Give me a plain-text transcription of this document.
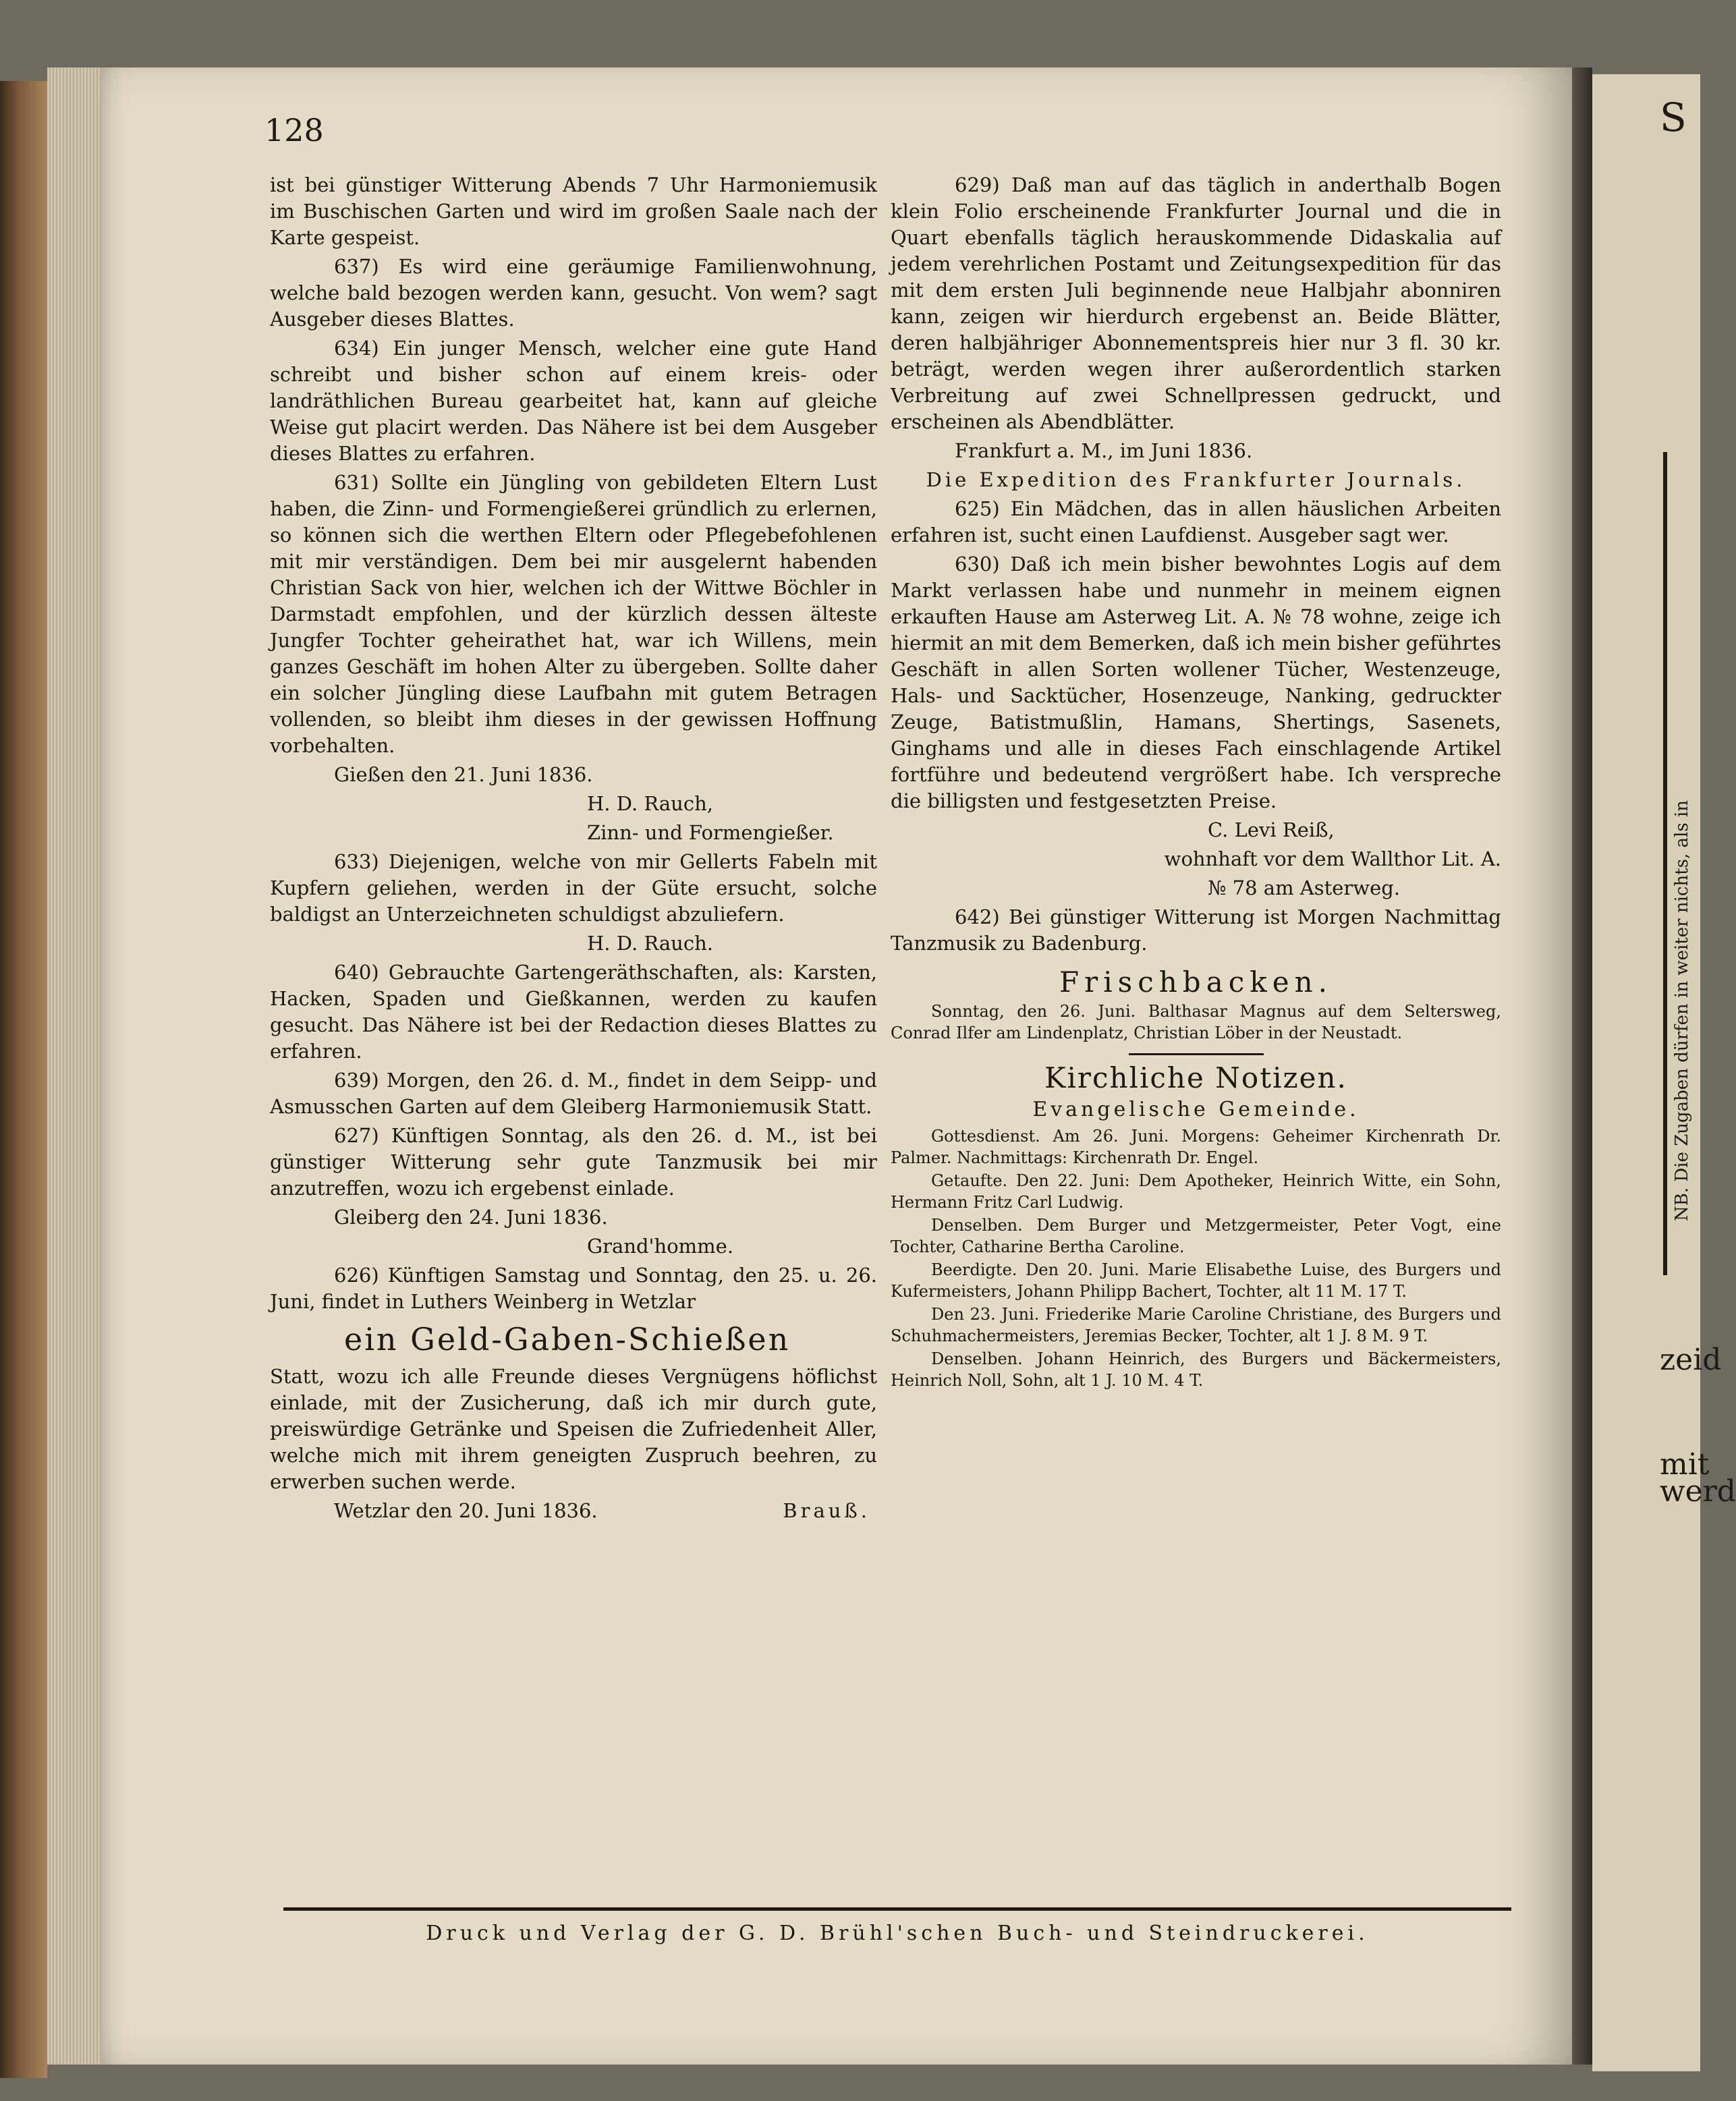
S
NB. Die Zugaben dürfen in weiter nichts, als in
zeid
mit
werd
128

ist bei günstiger Witterung Abends 7 Uhr Harmoniemusik im Buschischen Garten und wird im großen Saale nach der Karte gespeist.

637) Es wird eine geräumige Familienwohnung, welche bald bezogen werden kann, gesucht. Von wem? sagt Ausgeber dieses Blattes.

634) Ein junger Mensch, welcher eine gute Hand schreibt und bisher schon auf einem kreis- oder landräthlichen Bureau gearbeitet hat, kann auf gleiche Weise gut placirt werden. Das Nähere ist bei dem Ausgeber dieses Blattes zu erfahren.

631) Sollte ein Jüngling von gebildeten Eltern Lust haben, die Zinn- und Formengießerei gründlich zu erlernen, so können sich die werthen Eltern oder Pflegebefohlenen mit mir verständigen. Dem bei mir ausgelernt habenden Christian Sack von hier, welchen ich der Wittwe Böchler in Darmstadt empfohlen, und der kürzlich dessen älteste Jungfer Tochter geheirathet hat, war ich Willens, mein ganzes Geschäft im hohen Alter zu übergeben. Sollte daher ein solcher Jüngling diese Laufbahn mit gutem Betragen vollenden, so bleibt ihm dieses in der gewissen Hoffnung vorbehalten.

Gießen den 21. Juni 1836.

H. D. Rauch,

Zinn- und Formengießer.

633) Diejenigen, welche von mir Gellerts Fabeln mit Kupfern geliehen, werden in der Güte ersucht, solche baldigst an Unterzeichneten schuldigst abzuliefern.

H. D. Rauch.

640) Gebrauchte Gartengeräthschaften, als: Karsten, Hacken, Spaden und Gießkannen, werden zu kaufen gesucht. Das Nähere ist bei der Redaction dieses Blattes zu erfahren.

639) Morgen, den 26. d. M., findet in dem Seipp- und Asmusschen Garten auf dem Gleiberg Harmoniemusik Statt.

627) Künftigen Sonntag, als den 26. d. M., ist bei günstiger Witterung sehr gute Tanzmusik bei mir anzutreffen, wozu ich ergebenst einlade.

Gleiberg den 24. Juni 1836.

Grand'homme.

626) Künftigen Samstag und Sonntag, den 25. u. 26. Juni, findet in Luthers Weinberg in Wetzlar

ein Geld-Gaben-Schießen

Statt, wozu ich alle Freunde dieses Vergnügens höflichst einlade, mit der Zusicherung, daß ich mir durch gute, preiswürdige Getränke und Speisen die Zufriedenheit Aller, welche mich mit ihrem geneigten Zuspruch beehren, zu erwerben suchen werde.

Wetzlar den 20. Juni 1836.	Brauß.

629) Daß man auf das täglich in anderthalb Bogen klein Folio erscheinende Frankfurter Journal und die in Quart ebenfalls täglich herauskommende Didaskalia auf jedem verehrlichen Postamt und Zeitungsexpedition für das mit dem ersten Juli beginnende neue Halbjahr abonniren kann, zeigen wir hierdurch ergebenst an. Beide Blätter, deren halbjähriger Abonnementspreis hier nur 3 fl. 30 kr. beträgt, werden wegen ihrer außerordentlich starken Verbreitung auf zwei Schnellpressen gedruckt, und erscheinen als Abendblätter.

Frankfurt a. M., im Juni 1836.

Die Expedition des Frankfurter Journals.

625) Ein Mädchen, das in allen häuslichen Arbeiten erfahren ist, sucht einen Laufdienst. Ausgeber sagt wer.

630) Daß ich mein bisher bewohntes Logis auf dem Markt verlassen habe und nunmehr in meinem eignen erkauften Hause am Asterweg Lit. A. № 78 wohne, zeige ich hiermit an mit dem Bemerken, daß ich mein bisher geführtes Geschäft in allen Sorten wollener Tücher, Westenzeuge, Hals- und Sacktücher, Hosenzeuge, Nanking, gedruckter Zeuge, Batistmußlin, Hamans, Shertings, Sasenets, Ginghams und alle in dieses Fach einschlagende Artikel fortführe und bedeutend vergrößert habe. Ich verspreche die billigsten und festgesetzten Preise.

C. Levi Reiß,

wohnhaft vor dem Wallthor Lit. A.

№ 78 am Asterweg.

642) Bei günstiger Witterung ist Morgen Nachmittag Tanzmusik zu Badenburg.

Frischbacken.

Sonntag, den 26. Juni. Balthasar Magnus auf dem Seltersweg, Conrad Ilfer am Lindenplatz, Christian Löber in der Neustadt.

Kirchliche Notizen.
Evangelische Gemeinde.

Gottesdienst. Am 26. Juni. Morgens: Geheimer Kirchenrath Dr. Palmer. Nachmittags: Kirchenrath Dr. Engel.

Getaufte. Den 22. Juni: Dem Apotheker, Heinrich Witte, ein Sohn, Hermann Fritz Carl Ludwig.

Denselben. Dem Burger und Metzgermeister, Peter Vogt, eine Tochter, Catharine Bertha Caroline.

Beerdigte. Den 20. Juni. Marie Elisabethe Luise, des Burgers und Kufermeisters, Johann Philipp Bachert, Tochter, alt 11 M. 17 T.

Den 23. Juni. Friederike Marie Caroline Christiane, des Burgers und Schuhmachermeisters, Jeremias Becker, Tochter, alt 1 J. 8 M. 9 T.

Denselben. Johann Heinrich, des Burgers und Bäckermeisters, Heinrich Noll, Sohn, alt 1 J. 10 M. 4 T.

Druck und Verlag der G. D. Brühl'schen Buch- und Steindruckerei.
